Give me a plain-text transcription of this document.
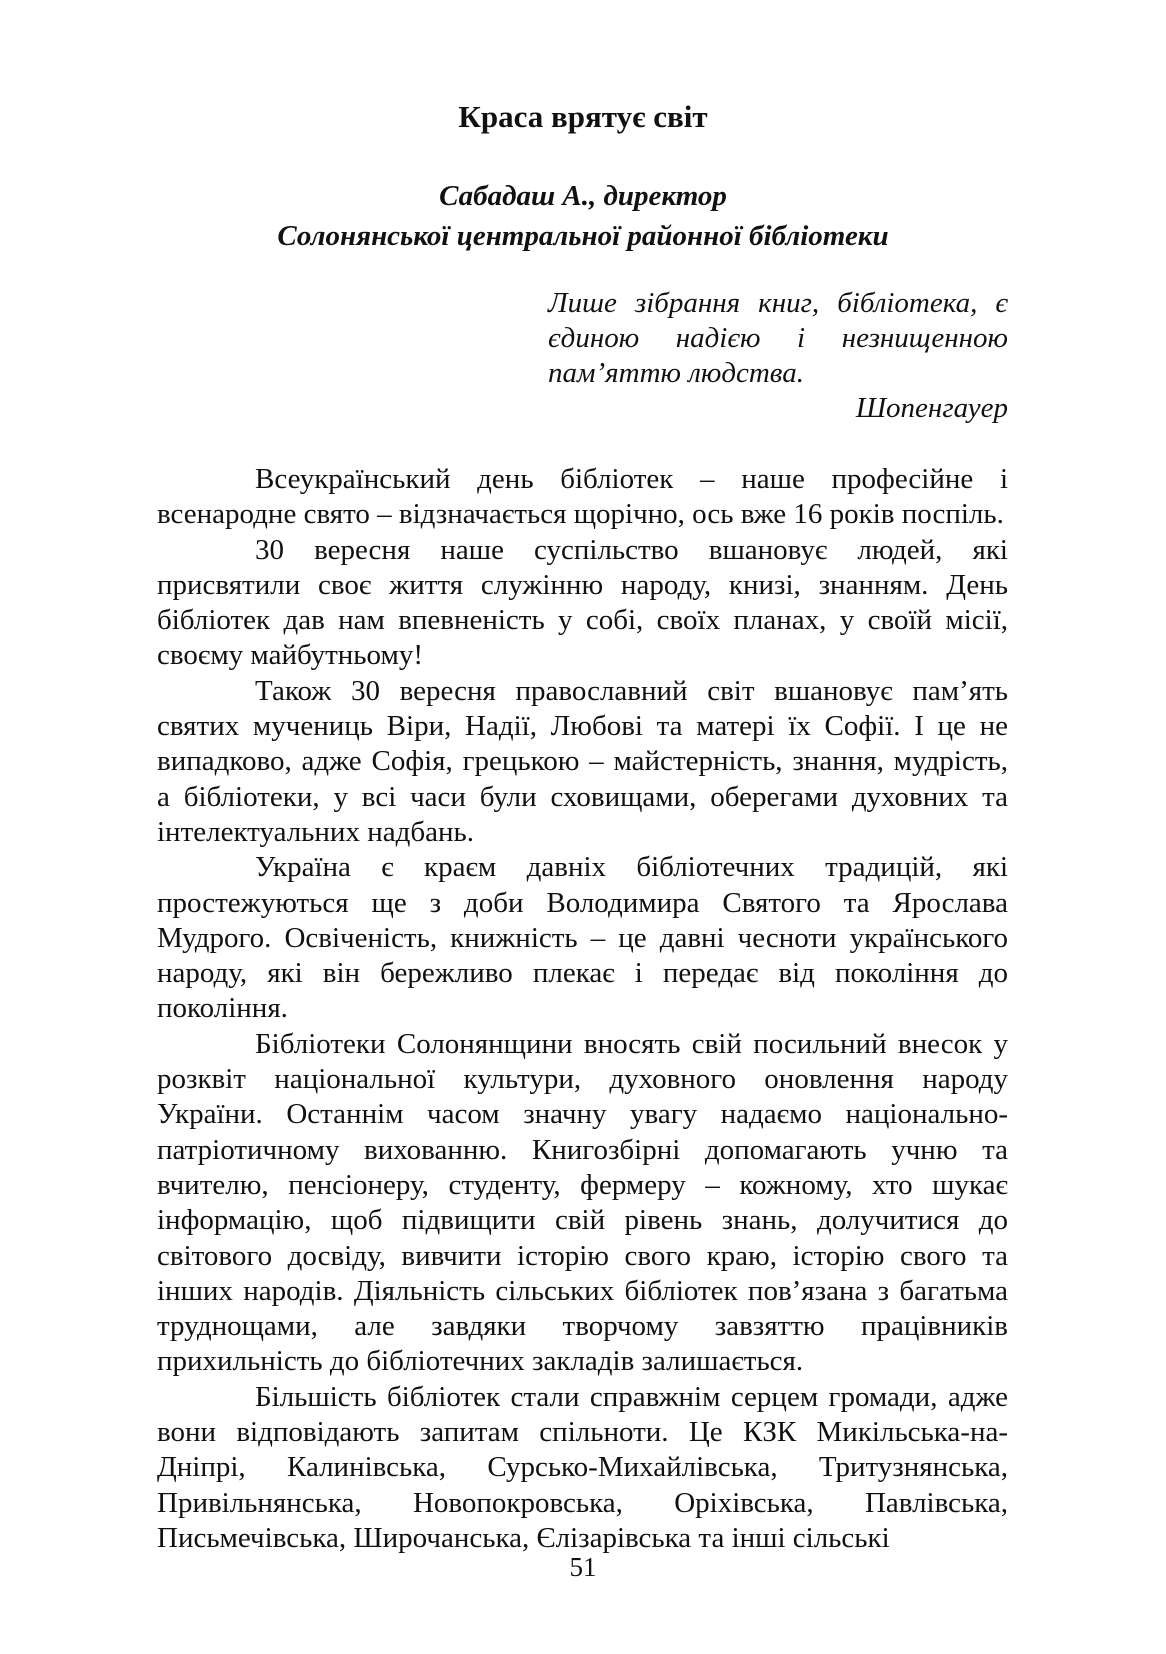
Краса врятує світ
Сабадаш А., директор
Солонянської центральної районної бібліотеки
Лише зібрання книг, бібліотека, є єдиною надією і незнищенною пам’яттю людства.
Шопенгауер

Всеукраїнський день бібліотек – наше професійне і всенародне свято – відзначається щорічно, ось вже 16 років поспіль.

30 вересня наше суспільство вшановує людей, які присвятили своє життя служінню народу, книзі, знанням. День бібліотек дав нам впевненість у собі, своїх планах, у своїй місії, своєму майбутньому!

Також 30 вересня православний світ вшановує пам’ять святих мучениць Віри, Надії, Любові та матері їх Софії. І це не випадково, адже Софія, грецькою – майстерність, знання, мудрість, а бібліотеки, у всі часи були сховищами, оберегами духовних та інтелектуальних надбань.

Україна є краєм давніх бібліотечних традицій, які простежуються ще з доби Володимира Святого та Ярослава Мудрого. Освіченість, книжність – це давні чесноти українського народу, які він бережливо плекає і передає від покоління до покоління.

Бібліотеки Солонянщини вносять свій посильний внесок у розквіт національної культури, духовного оновлення народу України. Останнім часом значну увагу надаємо національно-патріотичному вихованню. Книгозбірні допомагають учню та вчителю, пенсіонеру, студенту, фермеру – кожному, хто шукає інформацію, щоб підвищити свій рівень знань, долучитися до світового досвіду, вивчити історію свого краю, історію свого та інших народів. Діяльність сільських бібліотек пов’язана з багатьма труднощами, але завдяки творчому завзяттю працівників прихильність до бібліотечних закладів залишається.

Більшість бібліотек стали справжнім серцем громади, адже вони відповідають запитам спільноти. Це КЗК Микільська-на-Дніпрі, Калинівська, Сурсько-Михайлівська, Тритузнянська, Привільнянська, Новопокровська, Оріхівська, Павлівська, Письмечівська, Широчанська, Єлізарівська та інші сільські

51
